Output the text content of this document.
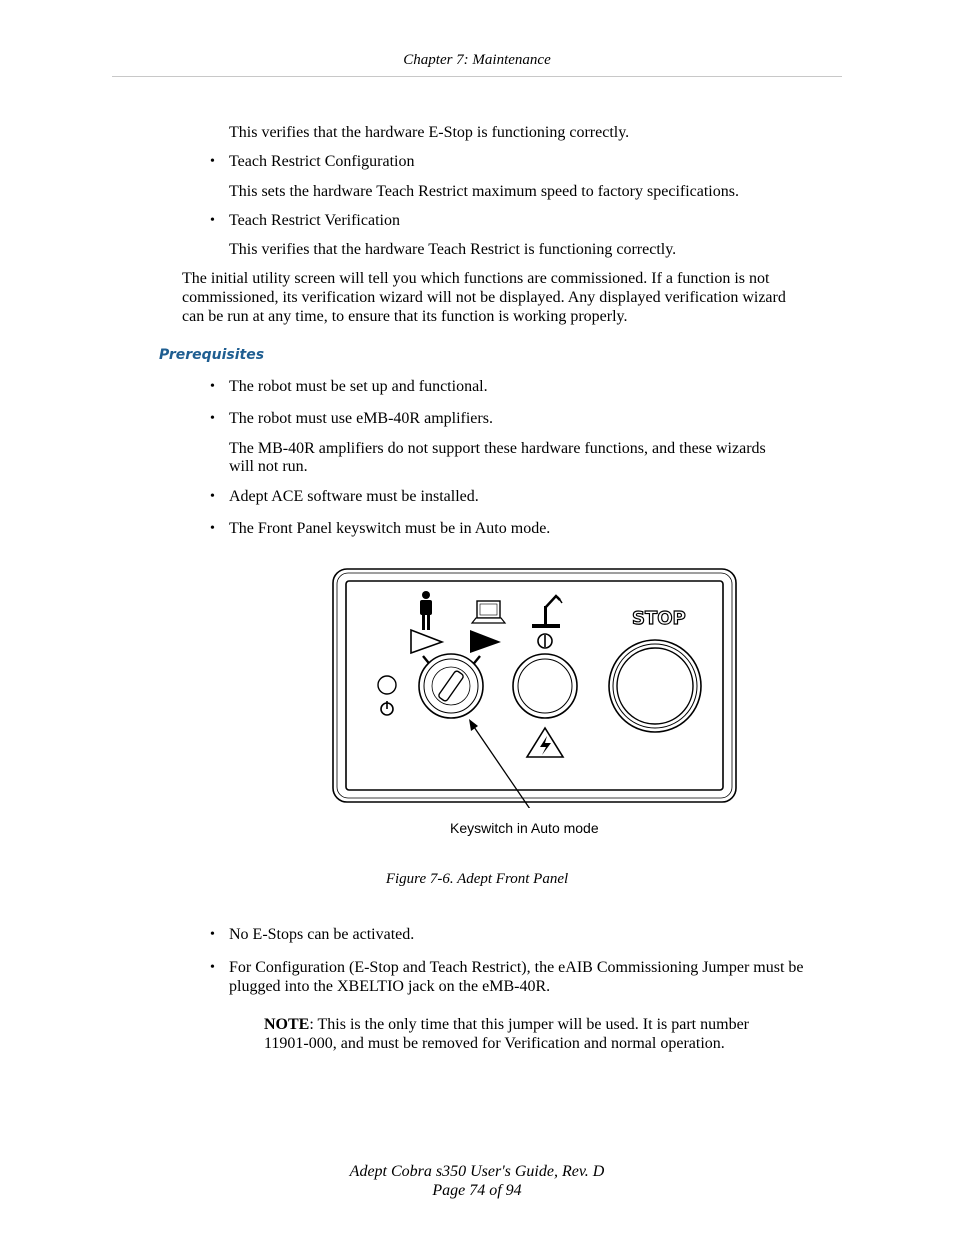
Chapter 7: Maintenance
This verifies that the hardware E-Stop is functioning correctly.
• Teach Restrict Configuration
This sets the hardware Teach Restrict maximum speed to factory specifications.
• Teach Restrict Verification
This verifies that the hardware Teach Restrict is functioning correctly.
The initial utility screen will tell you which functions are commissioned. If a function is not
commissioned, its verification wizard will not be displayed. Any displayed verification wizard
can be run at any time, to ensure that its function is working properly.
Prerequisites
• The robot must be set up and functional.
• The robot must use eMB-40R amplifiers.
The MB-40R amplifiers do not support these hardware functions, and these wizards
will not run.
• Adept ACE software must be installed.
• The Front Panel keyswitch must be in Auto mode.
STOP
Keyswitch in Auto mode
Figure 7-6. Adept Front Panel
• No E-Stops can be activated.
• For Configuration (E-Stop and Teach Restrict), the eAIB Commissioning Jumper must be
plugged into the XBELTIO jack on the eMB-40R.
NOTE: This is the only time that this jumper will be used. It is part number
11901-000, and must be removed for Verification and normal operation.
Adept Cobra s350 User's Guide, Rev. D
Page 74 of 94
